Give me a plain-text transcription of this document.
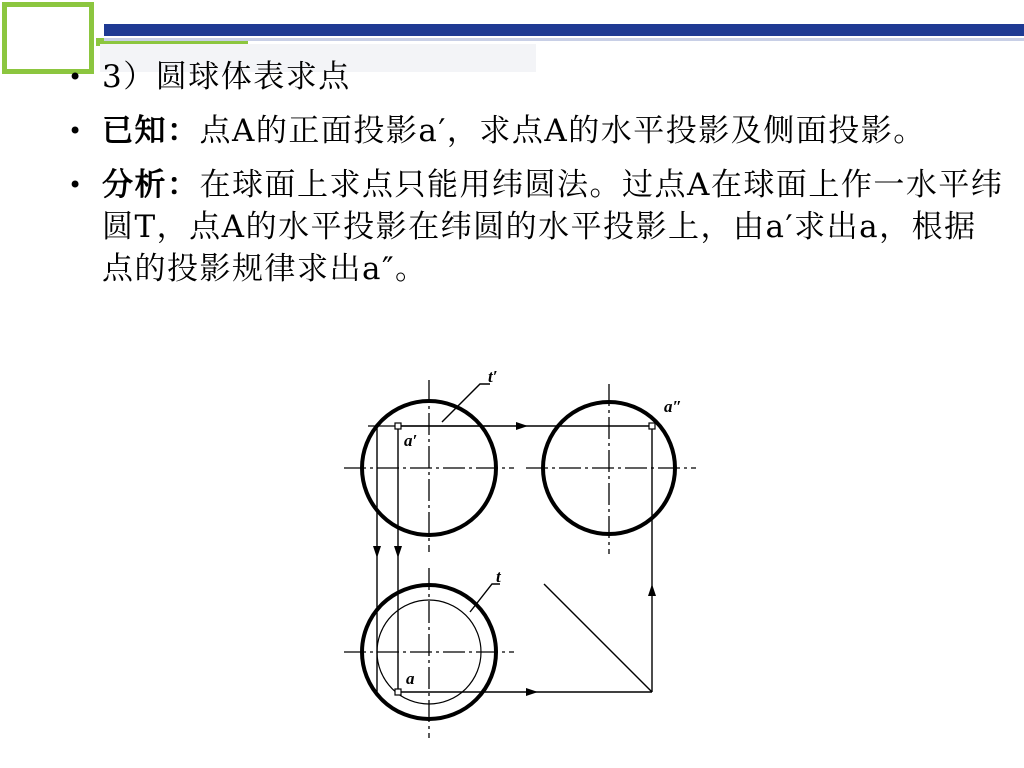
• 3）圆球体表求点
• 已知：点A的正面投影a′，求点A的水平投影及侧面投影。
• 分析：在球面上求点只能用纬圆法。过点A在球面上作一水平纬圆T，点A的水平投影在纬圆的水平投影上，由a′求出a，根据点的投影规律求出a″。
t′
a′
a″
t
a
